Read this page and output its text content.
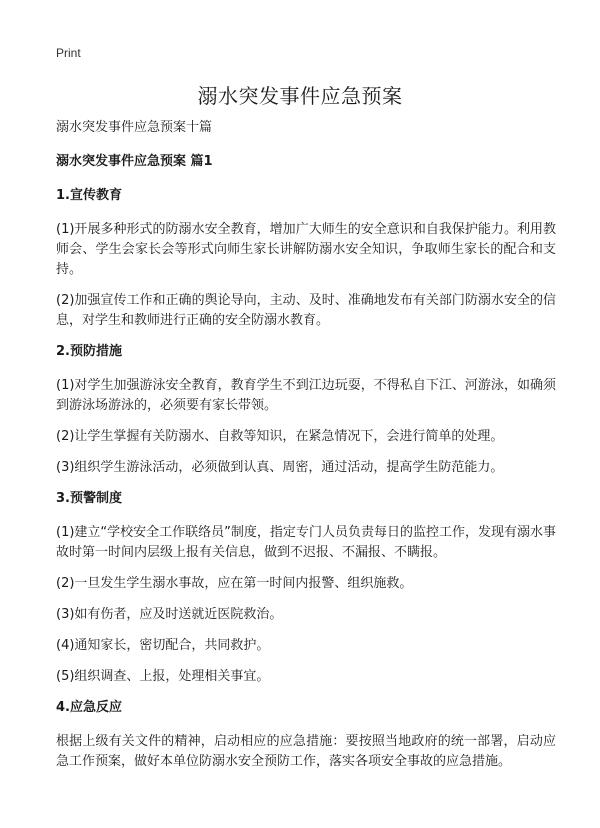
Print
溺水突发事件应急预案
溺水突发事件应急预案十篇
溺水突发事件应急预案 篇1
1.宣传教育

(1)开展多种形式的防溺水安全教育，增加广大师生的安全意识和自我保护能力。利用教师会、学生会家长会等形式向师生家长讲解防溺水安全知识，争取师生家长的配合和支持。

(2)加强宣传工作和正确的舆论导向，主动、及时、准确地发布有关部门防溺水安全的信息，对学生和教师进行正确的安全防溺水教育。

2.预防措施

(1)对学生加强游泳安全教育，教育学生不到江边玩耍，不得私自下江、河游泳，如确须到游泳场游泳的，必须要有家长带领。

(2)让学生掌握有关防溺水、自救等知识，在紧急情况下，会进行简单的处理。

(3)组织学生游泳活动，必须做到认真、周密，通过活动，提高学生防范能力。

3.预警制度

(1)建立“学校安全工作联络员”制度，指定专门人员负责每日的监控工作，发现有溺水事故时第一时间内层级上报有关信息，做到不迟报、不漏报、不瞒报。

(2)一旦发生学生溺水事故，应在第一时间内报警、组织施救。

(3)如有伤者，应及时送就近医院救治。

(4)通知家长，密切配合，共同救护。

(5)组织调查、上报，处理相关事宜。

4.应急反应

根据上级有关文件的精神，启动相应的应急措施：要按照当地政府的统一部署，启动应急工作预案，做好本单位防溺水安全预防工作，落实各项安全事故的应急措施。
